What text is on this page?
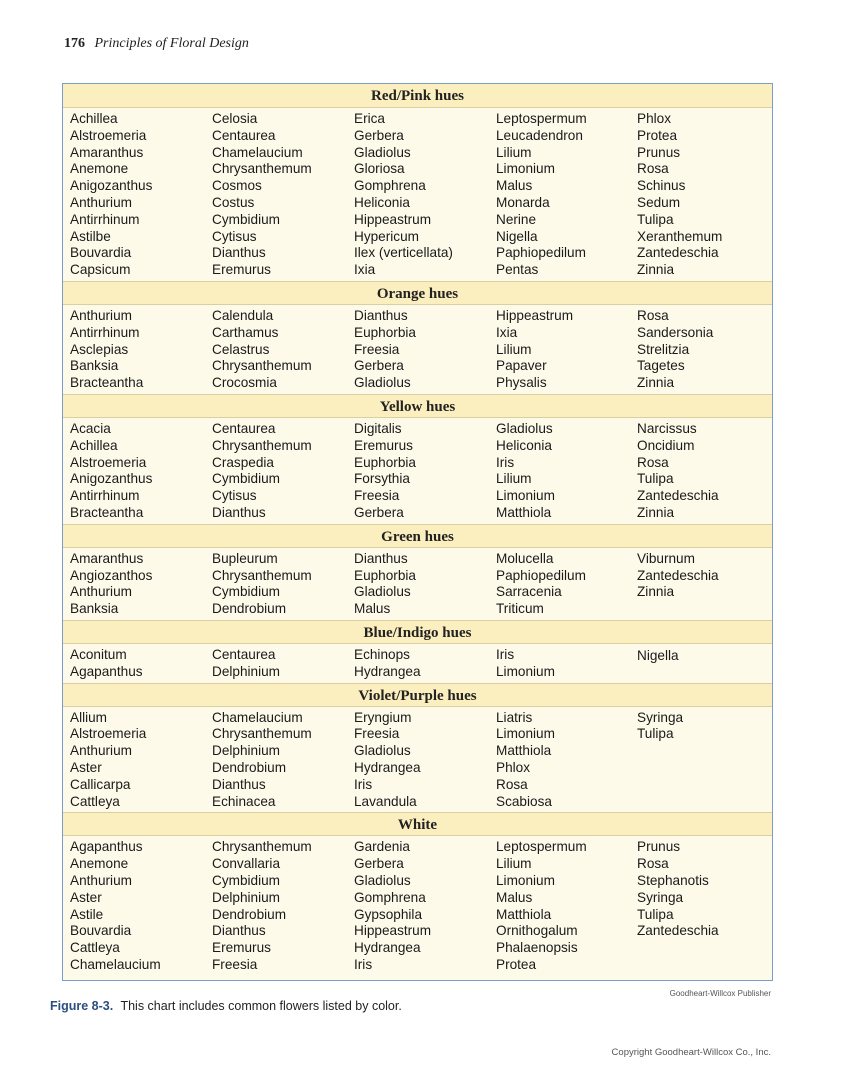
176 Principles of Floral Design
Red/Pink hues
Achillea
Alstroemeria
Amaranthus
Anemone
Anigozanthus
Anthurium
Antirrhinum
Astilbe
Bouvardia
Capsicum
Celosia
Centaurea
Chamelaucium
Chrysanthemum
Cosmos
Costus
Cymbidium
Cytisus
Dianthus
Eremurus
Erica
Gerbera
Gladiolus
Gloriosa
Gomphrena
Heliconia
Hippeastrum
Hypericum
Ilex (verticellata)
Ixia
Leptospermum
Leucadendron
Lilium
Limonium
Malus
Monarda
Nerine
Nigella
Paphiopedilum
Pentas
Phlox
Protea
Prunus
Rosa
Schinus
Sedum
Tulipa
Xeranthemum
Zantedeschia
Zinnia
Orange hues
Anthurium
Antirrhinum
Asclepias
Banksia
Bracteantha
Calendula
Carthamus
Celastrus
Chrysanthemum
Crocosmia
Dianthus
Euphorbia
Freesia
Gerbera
Gladiolus
Hippeastrum
Ixia
Lilium
Papaver
Physalis
Rosa
Sandersonia
Strelitzia
Tagetes
Zinnia
Yellow hues
Acacia
Achillea
Alstroemeria
Anigozanthus
Antirrhinum
Bracteantha
Centaurea
Chrysanthemum
Craspedia
Cymbidium
Cytisus
Dianthus
Digitalis
Eremurus
Euphorbia
Forsythia
Freesia
Gerbera
Gladiolus
Heliconia
Iris
Lilium
Limonium
Matthiola
Narcissus
Oncidium
Rosa
Tulipa
Zantedeschia
Zinnia
Green hues
Amaranthus
Angiozanthos
Anthurium
Banksia
Bupleurum
Chrysanthemum
Cymbidium
Dendrobium
Dianthus
Euphorbia
Gladiolus
Malus
Molucella
Paphiopedilum
Sarracenia
Triticum
Viburnum
Zantedeschia
Zinnia
Blue/Indigo hues
Aconitum
Agapanthus
Centaurea
Delphinium
Echinops
Hydrangea
Iris
Limonium
Nigella
Violet/Purple hues
Allium
Alstroemeria
Anthurium
Aster
Callicarpa
Cattleya
Chamelaucium
Chrysanthemum
Delphinium
Dendrobium
Dianthus
Echinacea
Eryngium
Freesia
Gladiolus
Hydrangea
Iris
Lavandula
Liatris
Limonium
Matthiola
Phlox
Rosa
Scabiosa
Syringa
Tulipa
White
Agapanthus
Anemone
Anthurium
Aster
Astile
Bouvardia
Cattleya
Chamelaucium
Chrysanthemum
Convallaria
Cymbidium
Delphinium
Dendrobium
Dianthus
Eremurus
Freesia
Gardenia
Gerbera
Gladiolus
Gomphrena
Gypsophila
Hippeastrum
Hydrangea
Iris
Leptospermum
Lilium
Limonium
Malus
Matthiola
Ornithogalum
Phalaenopsis
Protea
Prunus
Rosa
Stephanotis
Syringa
Tulipa
Zantedeschia
Goodheart-Willcox Publisher
Figure 8-3. This chart includes common flowers listed by color.
Copyright Goodheart-Willcox Co., Inc.
